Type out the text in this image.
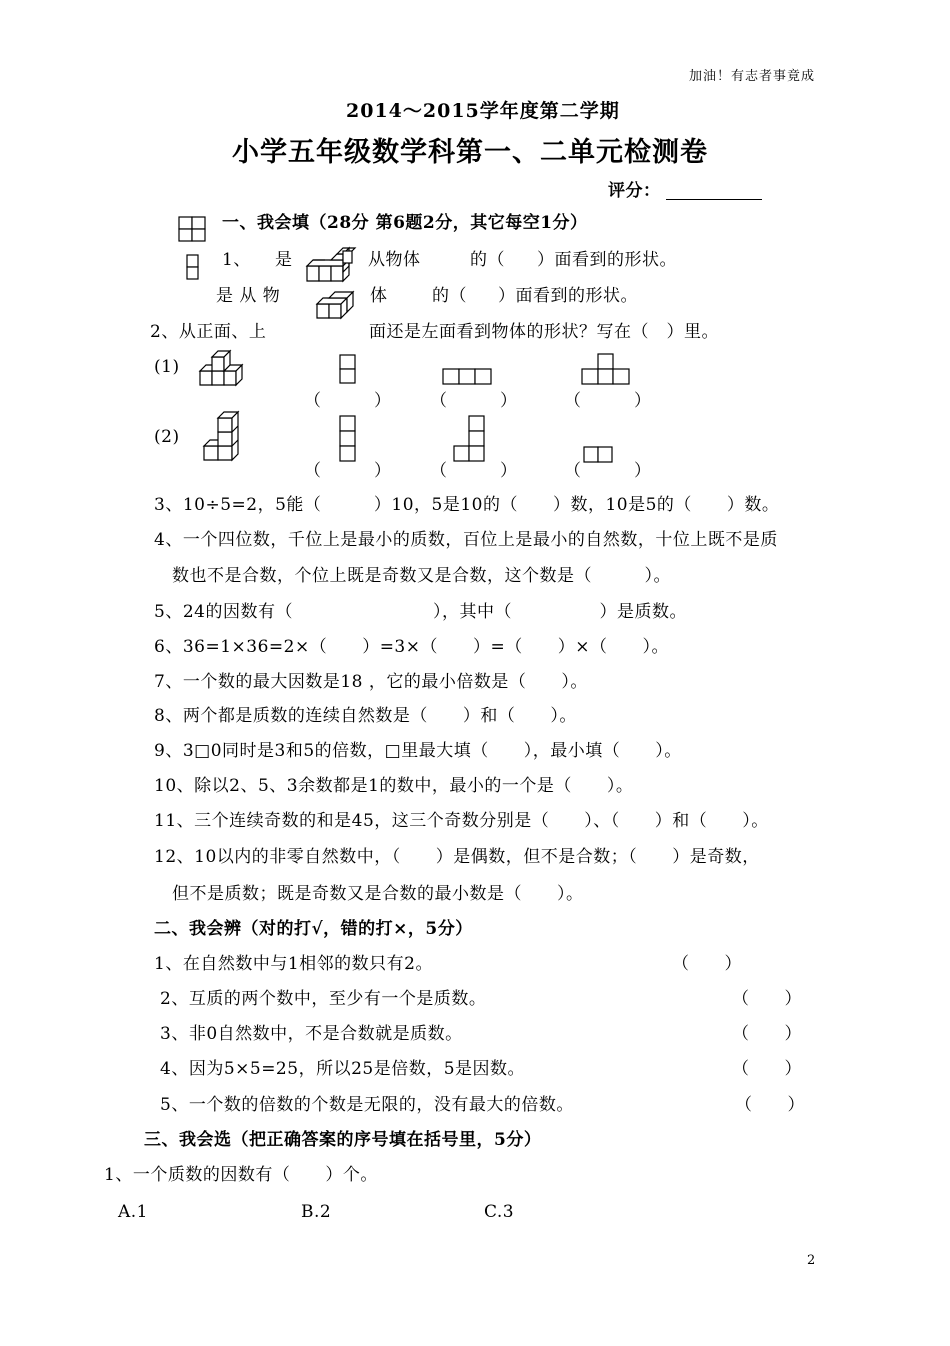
加油！有志者事竟成
2014～2015学年度第二学期
小学五年级数学科第一、二单元检测卷
评分：
一、我会填（28分 第6题2分，其它每空1分）
1、 是	从物体	的（ ）面看到的形状。
是 从 物	体	的（ ）面看到的形状。
2、从正面、上	面还是左面看到物体的形状？写在（　）里。
(1)
（　　　） （　　　）	（　　　）
(2)
（　　　） （　　　）	（　　　）
3、10÷5=2，5能（　　　）10，5是10的（　　）数，10是5的（　　）数。
4、一个四位数，千位上是最小的质数，百位上是最小的自然数，十位上既不是质
数也不是合数，个位上既是奇数又是合数，这个数是（　　　）。
5、24的因数有（　　　　　　　　），其中（　　　　　）是质数。
6、36=1×36=2×（　　）=3×（　　）=（　　）×（　　）。
7、一个数的最大因数是18 ，它的最小倍数是（　　）。
8、两个都是质数的连续自然数是（　　）和（　　）。
9、3□0同时是3和5的倍数，□里最大填（　　），最小填（　　）。
10、除以2、5、3余数都是1的数中，最小的一个是（　　）。
11、三个连续奇数的和是45，这三个奇数分别是（　　）、（　　）和（　　）。
12、10以内的非零自然数中，（　　）是偶数，但不是合数；（　　）是奇数，
但不是质数；既是奇数又是合数的最小数是（　　）。
二、我会辨（对的打√，错的打×，5分）
1、在自然数中与1相邻的数只有2。	（　　）
2、互质的两个数中，至少有一个是质数。	（　　）
3、非0自然数中，不是合数就是质数。	（　　）
4、因为5×5=25，所以25是倍数，5是因数。	（　　）
5、一个数的倍数的个数是无限的，没有最大的倍数。	（　　）
三、我会选（把正确答案的序号填在括号里，5分）
1、一个质数的因数有（　　）个。
A.1	B.2	C.3
2
